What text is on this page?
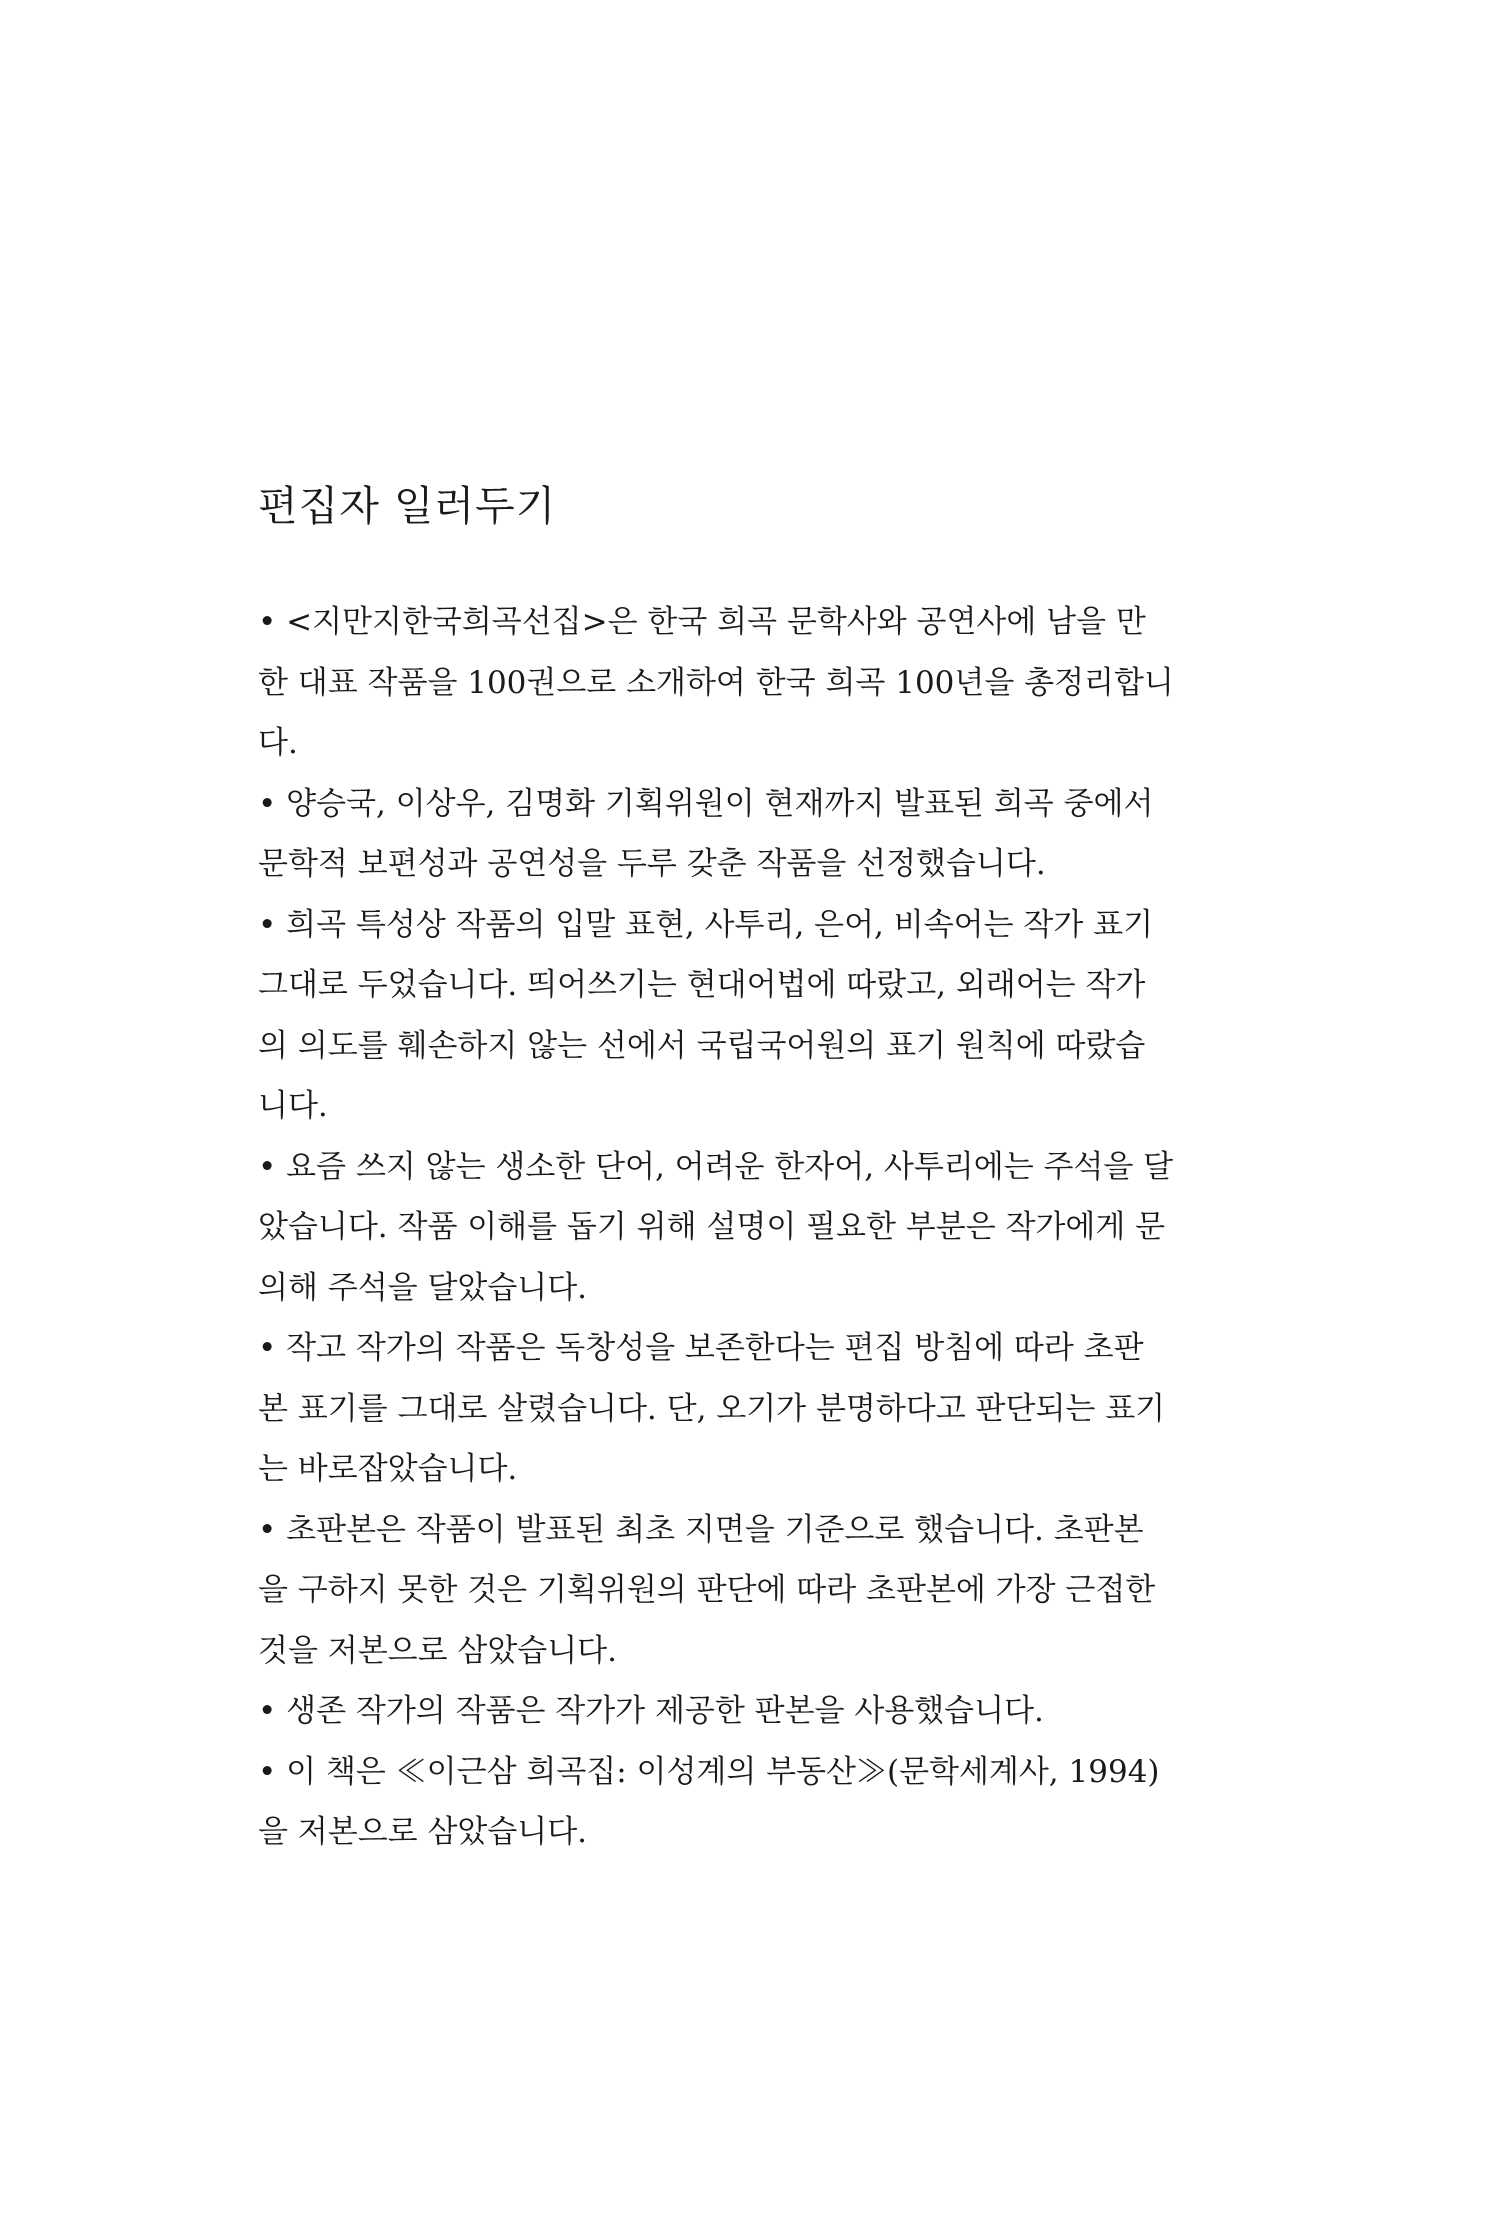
편집자 일러두기
• <지만지한국희곡선집>은 한국 희곡 문학사와 공연사에 남을 만
한 대표 작품을 100권으로 소개하여 한국 희곡 100년을 총정리합니
다.
• 양승국, 이상우, 김명화 기획위원이 현재까지 발표된 희곡 중에서
문학적 보편성과 공연성을 두루 갖춘 작품을 선정했습니다.
• 희곡 특성상 작품의 입말 표현, 사투리, 은어, 비속어는 작가 표기
그대로 두었습니다. 띄어쓰기는 현대어법에 따랐고, 외래어는 작가
의 의도를 훼손하지 않는 선에서 국립국어원의 표기 원칙에 따랐습
니다.
• 요즘 쓰지 않는 생소한 단어, 어려운 한자어, 사투리에는 주석을 달
았습니다. 작품 이해를 돕기 위해 설명이 필요한 부분은 작가에게 문
의해 주석을 달았습니다.
• 작고 작가의 작품은 독창성을 보존한다는 편집 방침에 따라 초판
본 표기를 그대로 살렸습니다. 단, 오기가 분명하다고 판단되는 표기
는 바로잡았습니다.
• 초판본은 작품이 발표된 최초 지면을 기준으로 했습니다. 초판본
을 구하지 못한 것은 기획위원의 판단에 따라 초판본에 가장 근접한
것을 저본으로 삼았습니다.
• 생존 작가의 작품은 작가가 제공한 판본을 사용했습니다.
• 이 책은 ≪이근삼 희곡집: 이성계의 부동산≫(문학세계사, 1994)
을 저본으로 삼았습니다.
